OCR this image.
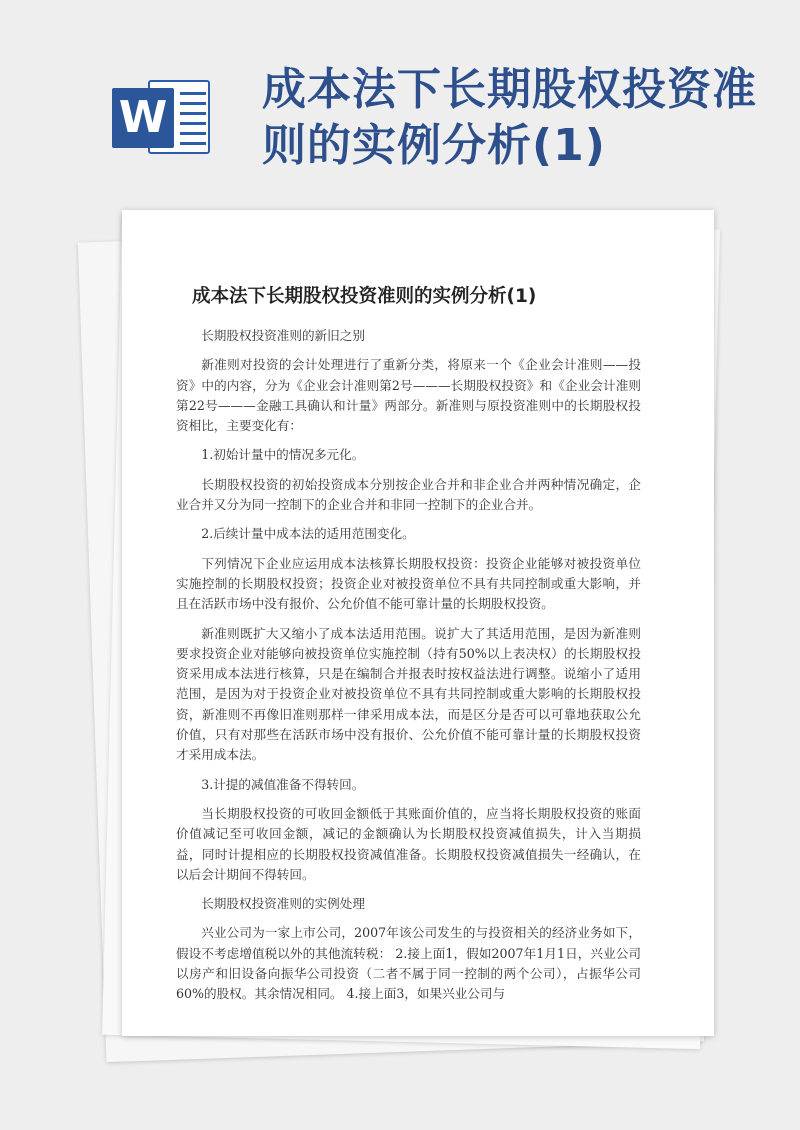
W
成本法下长期股权投资准则的实例分析(1)
成本法下长期股权投资准则的实例分析(1)

长期股权投资准则的新旧之别

新准则对投资的会计处理进行了重新分类，将原来一个《企业会计准则——投资》中的内容，分为《企业会计准则第2号———长期股权投资》和《企业会计准则第22号———金融工具确认和计量》两部分。新准则与原投资准则中的长期股权投资相比，主要变化有：

1.初始计量中的情况多元化。

长期股权投资的初始投资成本分别按企业合并和非企业合并两种情况确定，企业合并又分为同一控制下的企业合并和非同一控制下的企业合并。

2.后续计量中成本法的适用范围变化。

下列情况下企业应运用成本法核算长期股权投资：投资企业能够对被投资单位实施控制的长期股权投资；投资企业对被投资单位不具有共同控制或重大影响，并且在活跃市场中没有报价、公允价值不能可靠计量的长期股权投资。

新准则既扩大又缩小了成本法适用范围。说扩大了其适用范围，是因为新准则要求投资企业对能够向被投资单位实施控制（持有50%以上表决权）的长期股权投资采用成本法进行核算，只是在编制合并报表时按权益法进行调整。说缩小了适用范围，是因为对于投资企业对被投资单位不具有共同控制或重大影响的长期股权投资，新准则不再像旧准则那样一律采用成本法，而是区分是否可以可靠地获取公允价值，只有对那些在活跃市场中没有报价、公允价值不能可靠计量的长期股权投资才采用成本法。

3.计提的减值准备不得转回。

当长期股权投资的可收回金额低于其账面价值的，应当将长期股权投资的账面价值减记至可收回金额，减记的金额确认为长期股权投资减值损失，计入当期损益，同时计提相应的长期股权投资减值准备。长期股权投资减值损失一经确认，在以后会计期间不得转回。

长期股权投资准则的实例处理

兴业公司为一家上市公司，2007年该公司发生的与投资相关的经济业务如下，假设不考虑增值税以外的其他流转税： 2.接上面1，假如2007年1月1日，兴业公司以房产和旧设备向振华公司投资（二者不属于同一控制的两个公司），占振华公司60%的股权。其余情况相同。 4.接上面3，如果兴业公司与
